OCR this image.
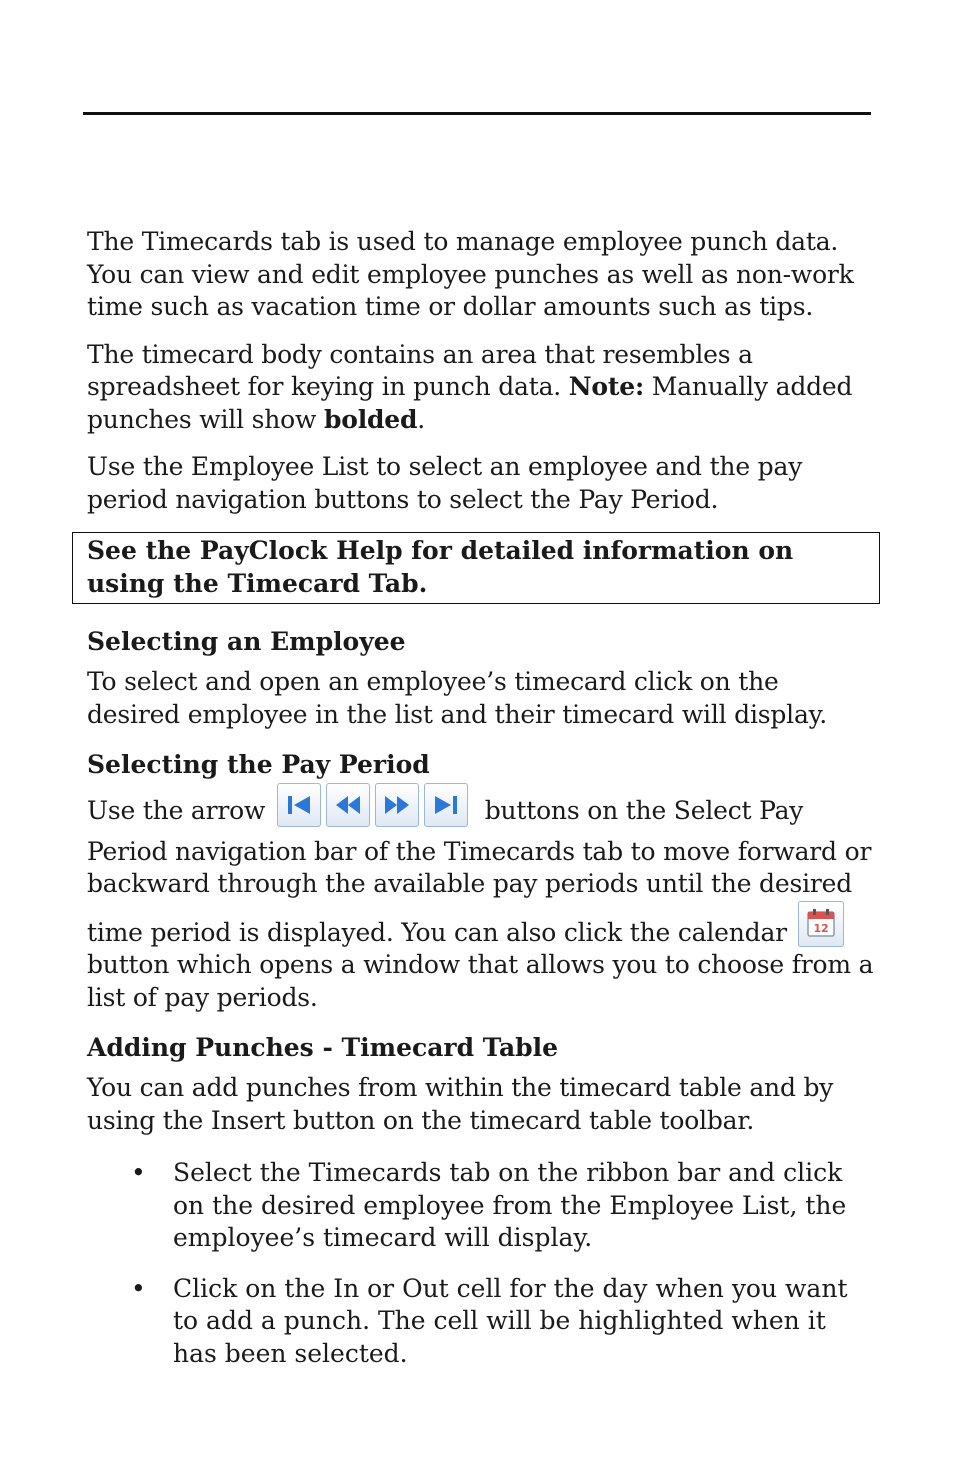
The Timecards tab is used to manage employee punch data. You can view and edit employee punches as well as non-work time such as vacation time or dollar amounts such as tips.

The timecard body contains an area that resembles a spreadsheet for keying in punch data. Note: Manually added punches will show bolded.

Use the Employee List to select an employee and the pay period navigation buttons to select the Pay Period.

See the PayClock Help for detailed information on using the Timecard Tab.
Selecting an Employee

To select and open an employee’s timecard click on the desired employee in the list and their timecard will display.

Selecting the Pay Period

Use the arrow	buttons on the Select Pay Period navigation bar of the Timecards tab to move forward or backward through the available pay periods until the desired time period is displayed. You can also click the calendar 12
button which opens a window that allows you to choose from a list of pay periods.

Adding Punches - Timecard Table

You can add punches from within the timecard table and by using the Insert button on the timecard table toolbar.

• Select the Timecards tab on the ribbon bar and click on the desired employee from the Employee List, the employee’s timecard will display.
• Click on the In or Out cell for the day when you want to add a punch. The cell will be highlighted when it has been selected.
